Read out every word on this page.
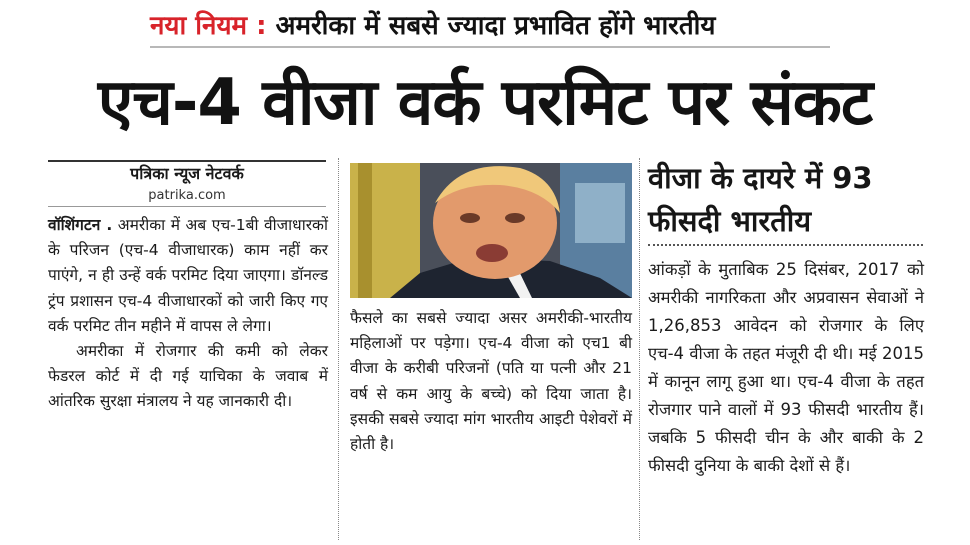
नया नियम : अमरीका में सबसे ज्यादा प्रभावित होंगे भारतीय
एच-4 वीजा वर्क परमिट पर संकट
पत्रिका न्यूज नेटवर्क
patrika.com

वॉशिंगटन . अमरीका में अब एच-1बी वीजाधारकों के परिजन (एच-4 वीजाधारक) काम नहीं कर पाएंगे, न ही उन्हें वर्क परमिट दिया जाएगा। डॉनल्ड ट्रंप प्रशासन एच-4 वीजाधारकों को जारी किए गए वर्क परमिट तीन महीने में वापस ले लेगा।

अमरीका में रोजगार की कमी को लेकर फेडरल कोर्ट में दी गई याचिका के जवाब में आंतरिक सुरक्षा मंत्रालय ने यह जानकारी दी।

फैसले का सबसे ज्यादा असर अमरीकी-भारतीय महिलाओं पर पड़ेगा। एच-4 वीजा को एच1 बी वीजा के करीबी परिजनों (पति या पत्नी और 21 वर्ष से कम आयु के बच्चे) को दिया जाता है। इसकी सबसे ज्यादा मांग भारतीय आइटी पेशेवरों में होती है।

वीजा के दायरे में 93 फीसदी भारतीय

आंकड़ों के मुताबिक 25 दिसंबर, 2017 को अमरीकी नागरिकता और अप्रवासन सेवाओं ने 1,26,853 आवेदन को रोजगार के लिए एच-4 वीजा के तहत मंजूरी दी थी। मई 2015 में कानून लागू हुआ था। एच-4 वीजा के तहत रोजगार पाने वालों में 93 फीसदी भारतीय हैं। जबकि 5 फीसदी चीन के और बाकी के 2 फीसदी दुनिया के बाकी देशों से हैं।
